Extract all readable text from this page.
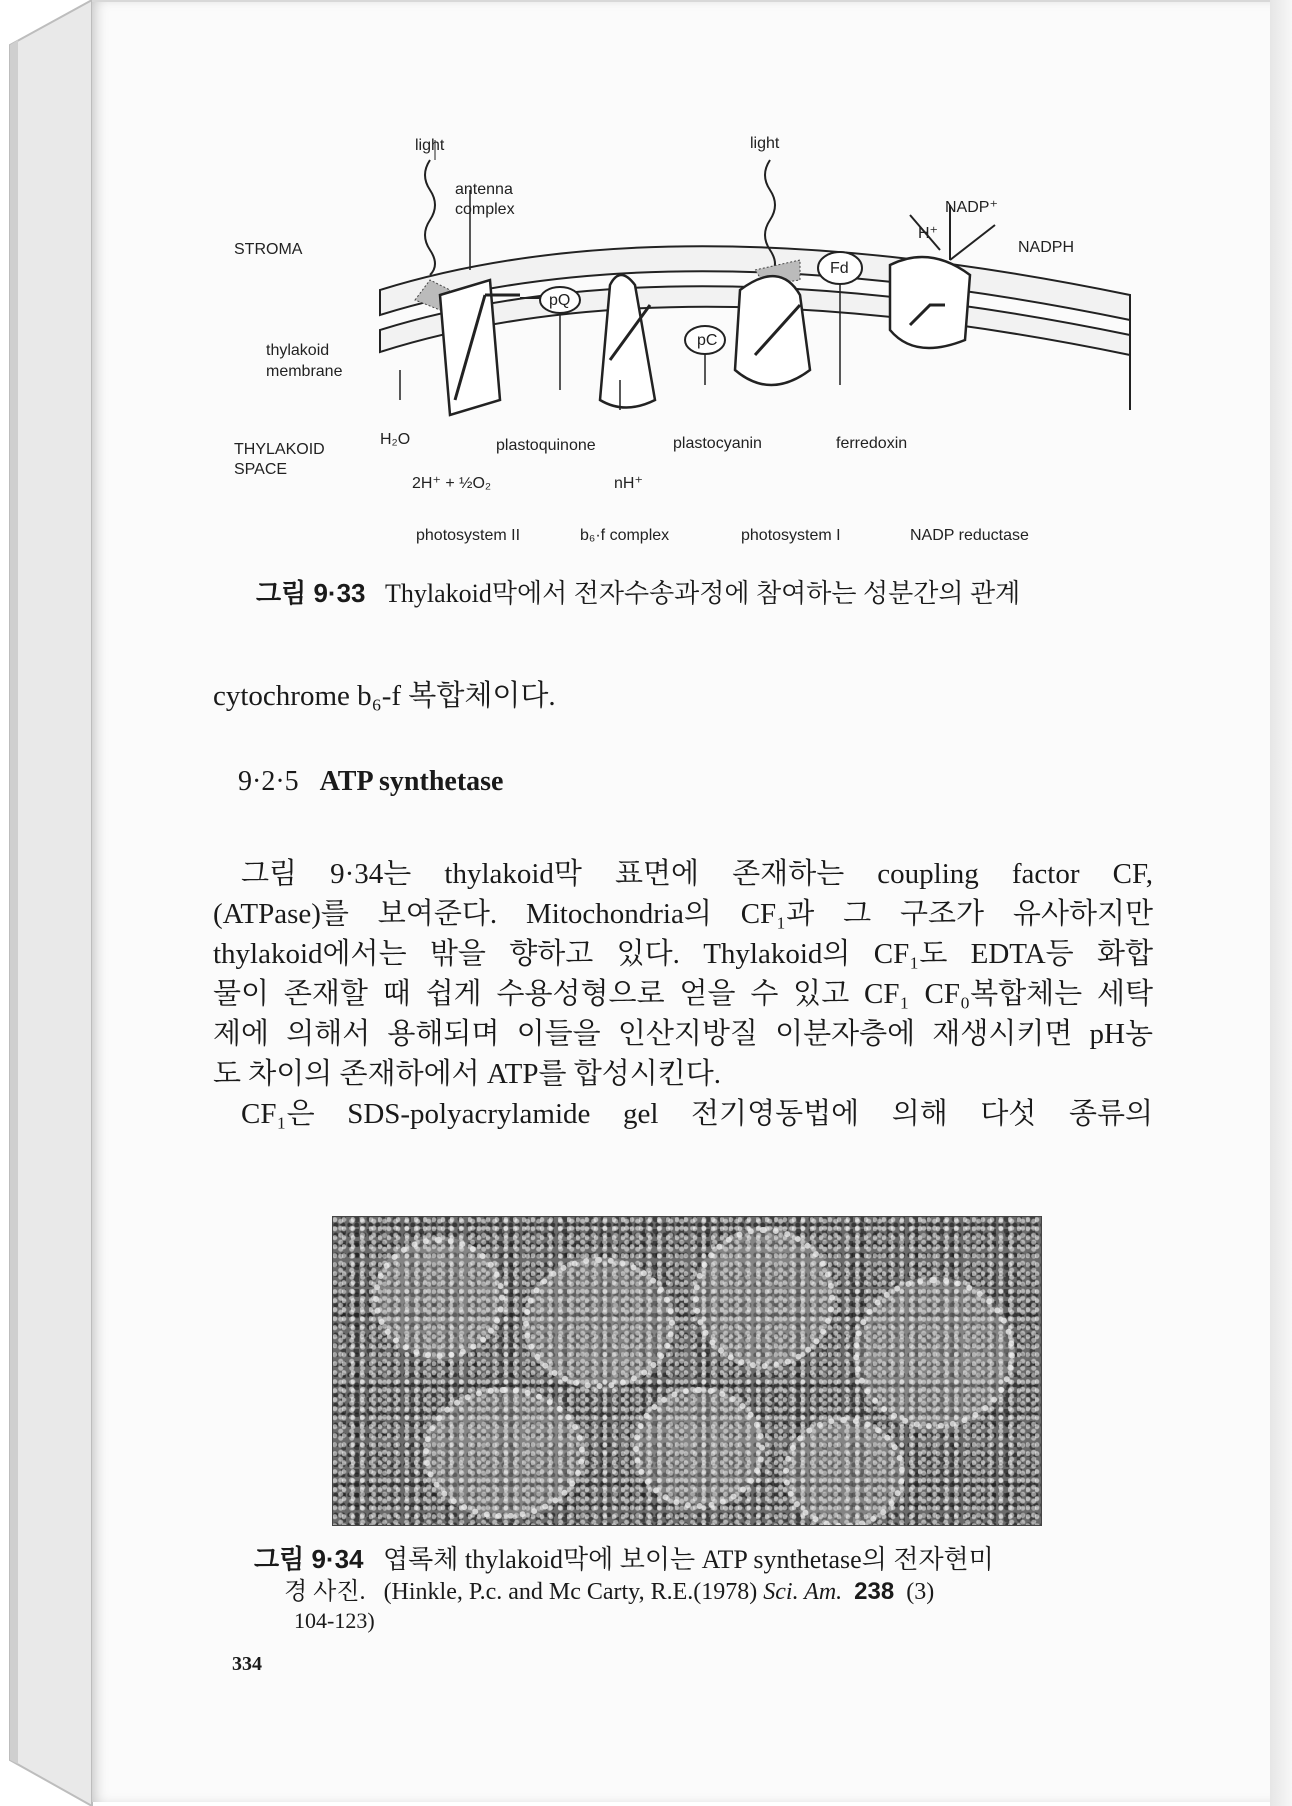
light	light
antenna
complex	NADP⁺
H⁺
NADPH
STROMA
thylakoid
membrane
pQ
pC
Fd
THYLAKOID
SPACE
H₂O	plastoquinone	plastocyanin	ferredoxin
2H⁺ + ½O₂	nH⁺
photosystem II	b₆·f complex	photosystem I	NADP reductase
그림 9·33 Thylakoid막에서 전자수송과정에 참여하는 성분간의 관계
cytochrome b₆-f 복합체이다.
9·2·5 ATP synthetase
그림 9·34는 thylakoid막 표면에 존재하는 coupling factor CF,
(ATPase)를 보여준다. Mitochondria의 CF₁과 그 구조가 유사하지만
thylakoid에서는 밖을 향하고 있다. Thylakoid의 CF₁도 EDTA등 화합
물이 존재할 때 쉽게 수용성형으로 얻을 수 있고 CF₁ CF₀복합체는 세탁
제에 의해서 용해되며 이들을 인산지방질 이분자층에 재생시키면 pH농
도 차이의 존재하에서 ATP를 합성시킨다.
CF₁은 SDS-polyacrylamide gel 전기영동법에 의해 다섯 종류의
그림 9·34 엽록체 thylakoid막에 보이는 ATP synthetase의 전자현미
경 사진. (Hinkle, P.c. and Mc Carty, R.E.(1978) Sci. Am. 238 (3)
104-123)
334
